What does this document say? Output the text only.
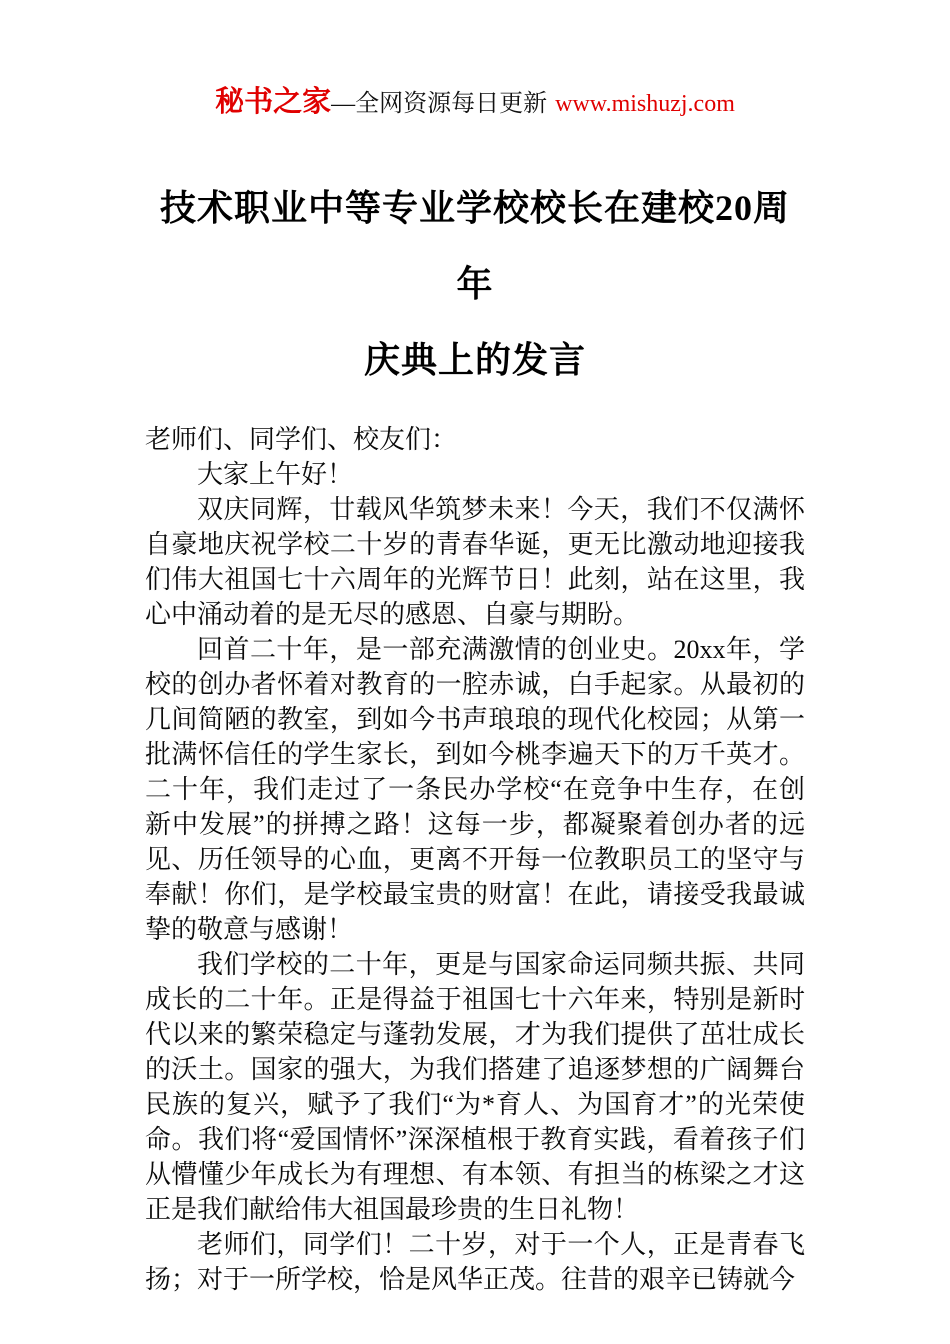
秘书之家—全网资源每日更新 www.mishuzj.com
技术职业中等专业学校校长在建校20周年
庆典上的发言

老师们、同学们、校友们：

大家上午好！

双庆同辉，廿载风华筑梦未来！今天，我们不仅满怀自豪地庆祝学校二十岁的青春华诞，更无比激动地迎接我们伟大祖国七十六周年的光辉节日！此刻，站在这里，我心中涌动着的是无尽的感恩、自豪与期盼。

回首二十年，是一部充满激情的创业史。20xx年，学校的创办者怀着对教育的一腔赤诚，白手起家。从最初的几间简陋的教室，到如今书声琅琅的现代化校园；从第一批满怀信任的学生家长，到如今桃李遍天下的万千英才。二十年，我们走过了一条民办学校“在竞争中生存，在创新中发展”的拼搏之路！这每一步，都凝聚着创办者的远见、历任领导的心血，更离不开每一位教职员工的坚守与奉献！你们，是学校最宝贵的财富！在此，请接受我最诚挚的敬意与感谢！

我们学校的二十年，更是与国家命运同频共振、共同成长的二十年。正是得益于祖国七十六年来，特别是新时代以来的繁荣稳定与蓬勃发展，才为我们提供了茁壮成长的沃土。国家的强大，为我们搭建了追逐梦想的广阔舞台民族的复兴，赋予了我们“为*育人、为国育才”的光荣使命。我们将“爱国情怀”深深植根于教育实践，看着孩子们从懵懂少年成长为有理想、有本领、有担当的栋梁之才这正是我们献给伟大祖国最珍贵的生日礼物！

老师们，同学们！二十岁，对于一个人，正是青春飞扬；对于一所学校，恰是风华正茂。往昔的艰辛已铸就今
